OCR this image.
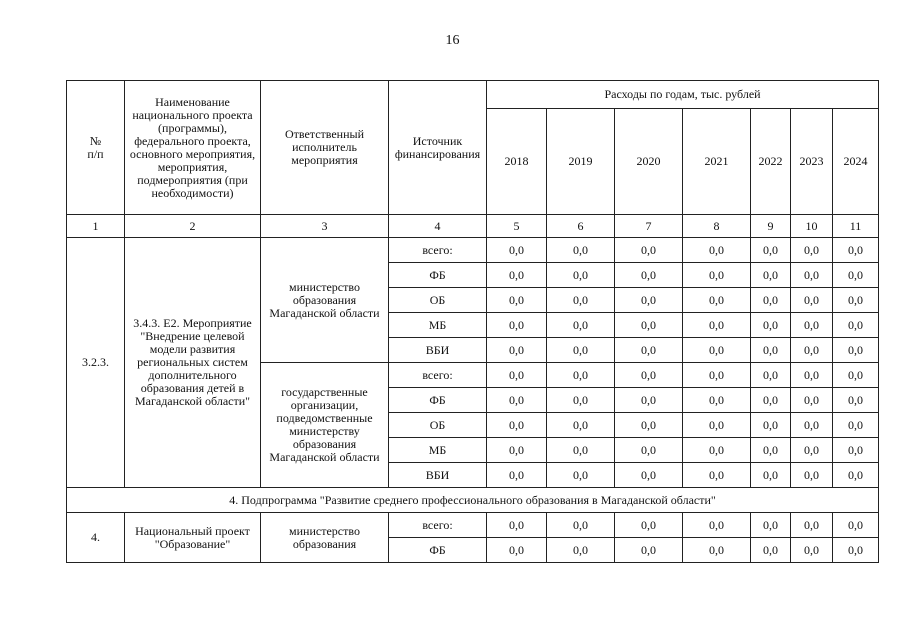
16
№
п/п	Наименование национального проекта (программы), федерального проекта, основного мероприятия, мероприятия, подмероприятия (при необходимости)	Ответственный исполнитель мероприятия	Источник финансирования	Расходы по годам, тыс. рублей						
				2018	2019	2020	2021	2022	2023	2024
1	2	3	4	5	6	7	8	9	10	11
3.2.3.	3.4.3. E2. Мероприятие "Внедрение целевой модели развития региональных систем дополнительного образования детей в Магаданской области"	министерство образования Магаданской области	всего:	0,0	0,0	0,0	0,0	0,0	0,0	0,0
			ФБ	0,0	0,0	0,0	0,0	0,0	0,0	0,0
			ОБ	0,0	0,0	0,0	0,0	0,0	0,0	0,0
			МБ	0,0	0,0	0,0	0,0	0,0	0,0	0,0
			ВБИ	0,0	0,0	0,0	0,0	0,0	0,0	0,0
		государственные организации, подведомственные министерству образования Магаданской области	всего:	0,0	0,0	0,0	0,0	0,0	0,0	0,0
			ФБ	0,0	0,0	0,0	0,0	0,0	0,0	0,0
			ОБ	0,0	0,0	0,0	0,0	0,0	0,0	0,0
			МБ	0,0	0,0	0,0	0,0	0,0	0,0	0,0
			ВБИ	0,0	0,0	0,0	0,0	0,0	0,0	0,0
4. Подпрограмма "Развитие среднего профессионального образования в Магаданской области"										
4.	Национальный проект "Образование"	министерство образования	всего:	0,0	0,0	0,0	0,0	0,0	0,0	0,0
			ФБ	0,0	0,0	0,0	0,0	0,0	0,0	0,0
